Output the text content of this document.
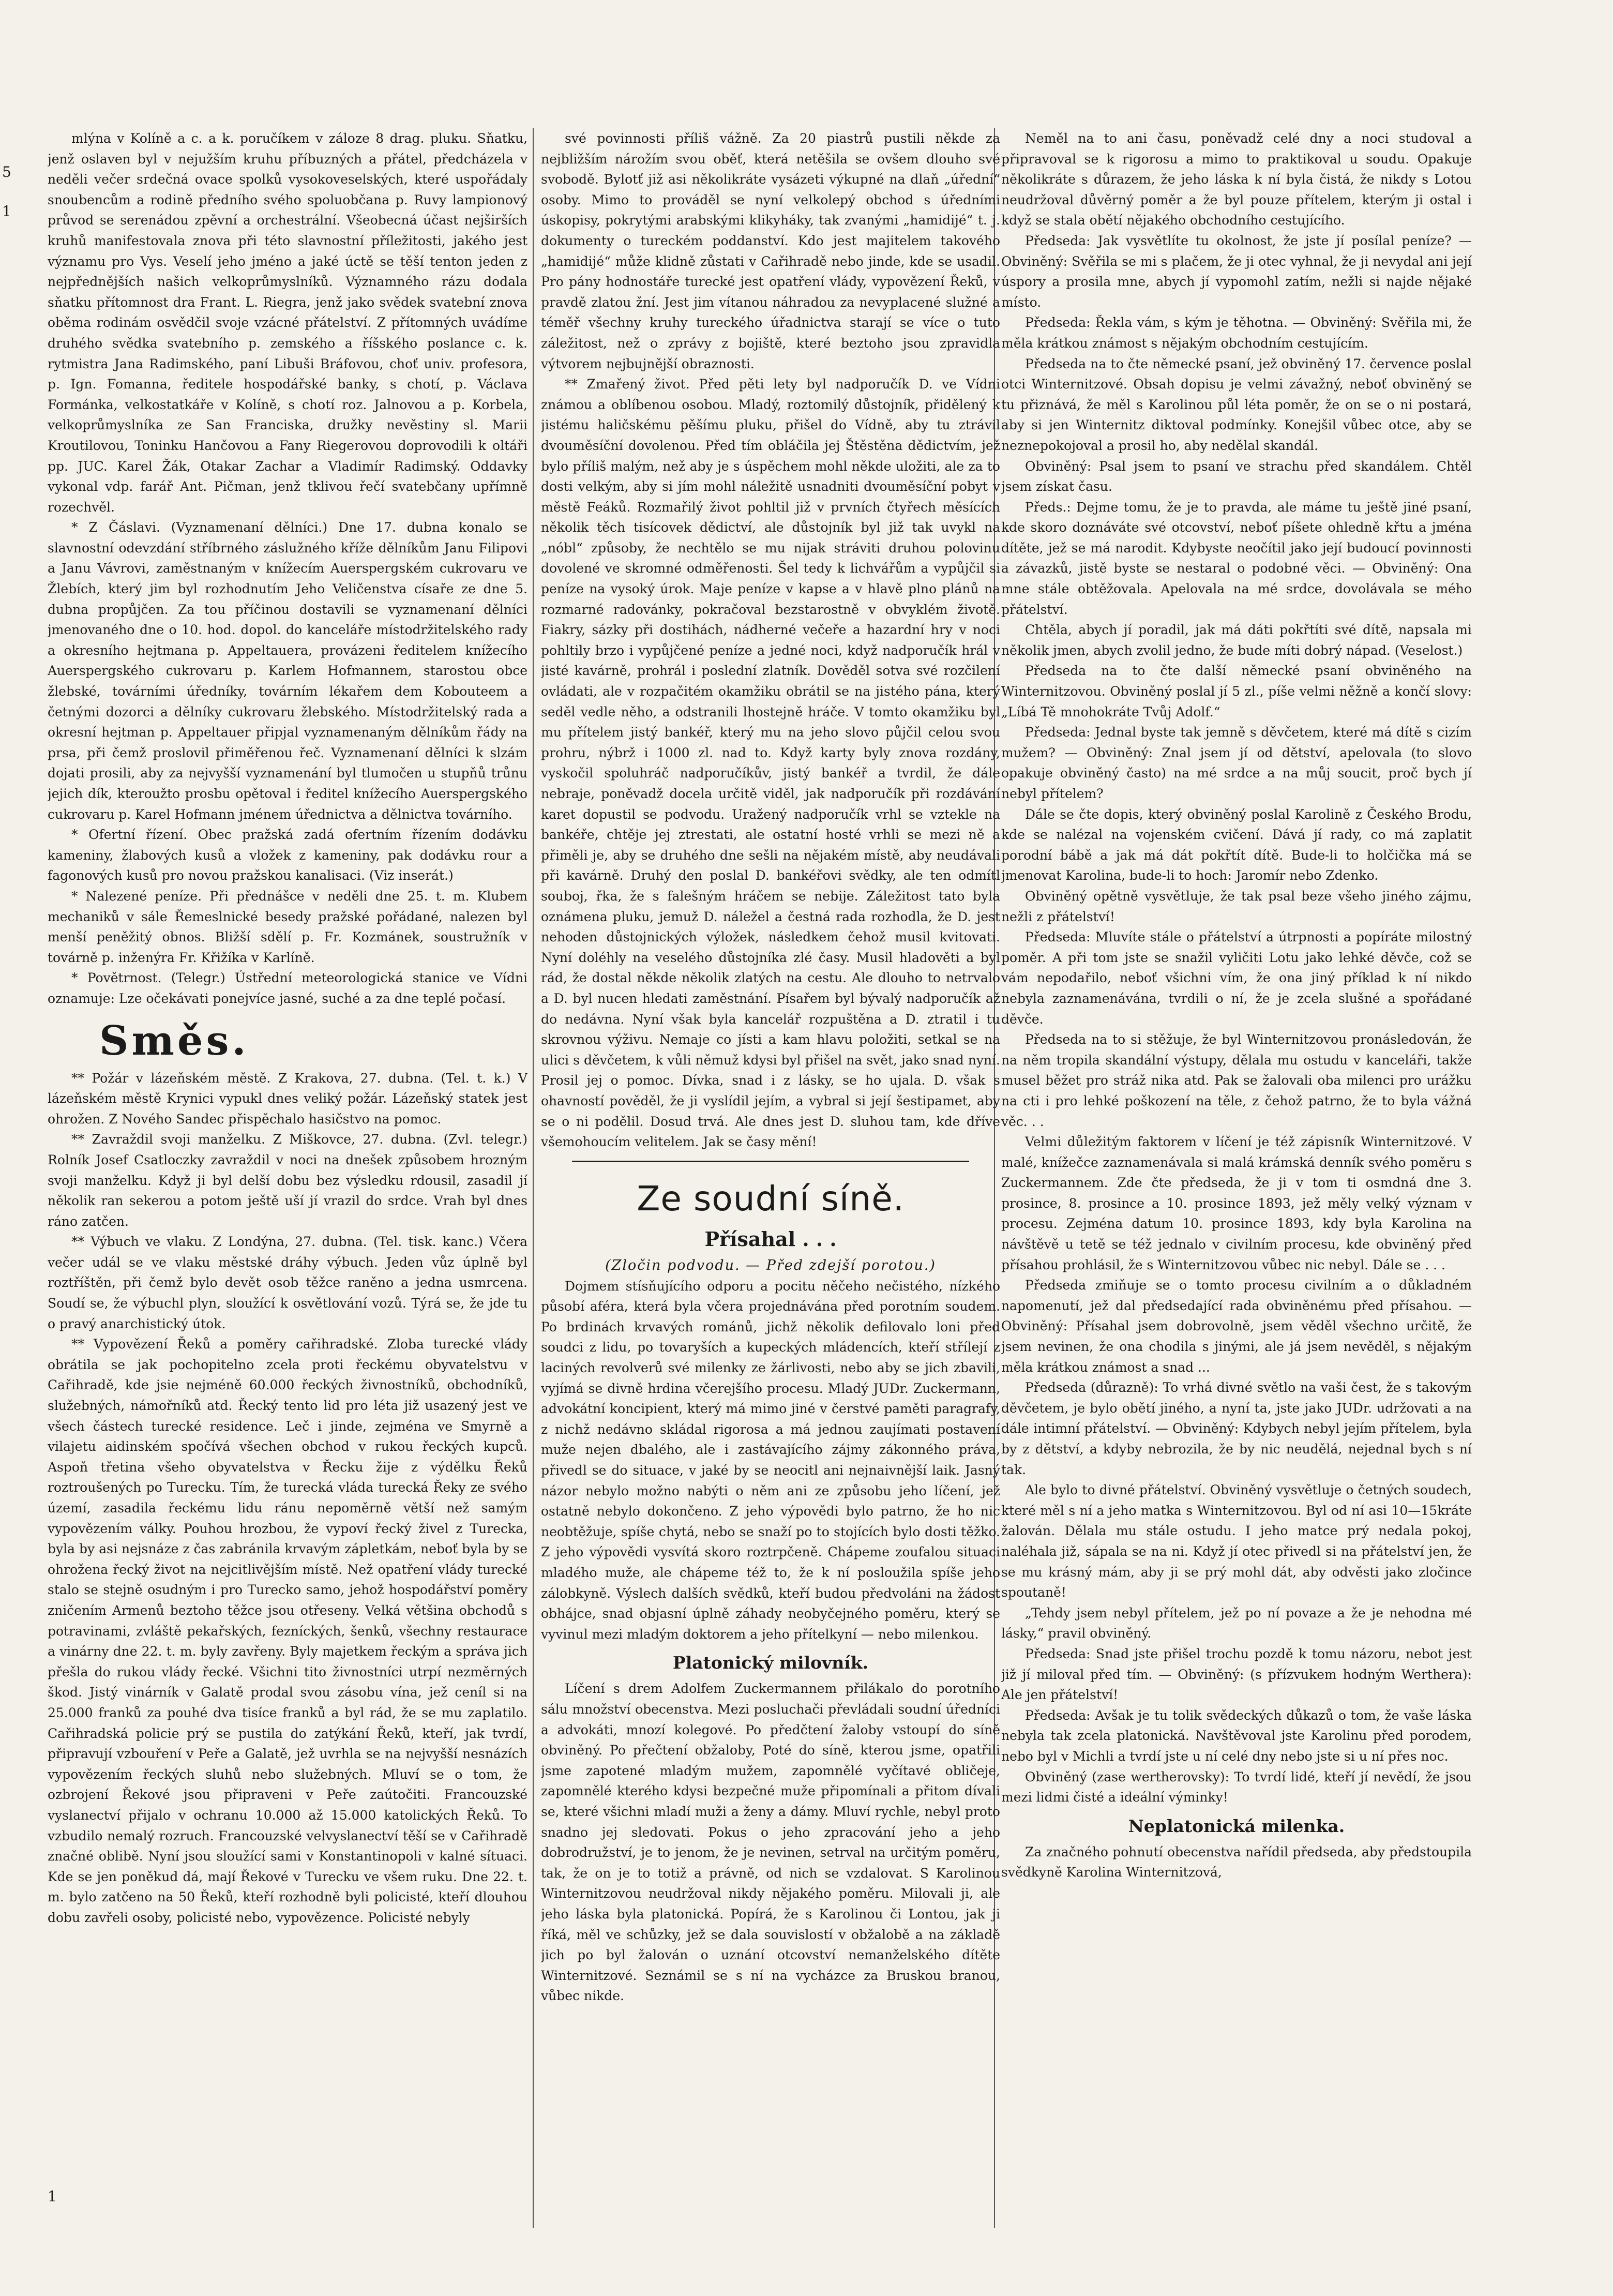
5
1
1

mlýna v Kolíně a c. a k. poručíkem v záloze 8 drag. pluku. Sňatku, jenž oslaven byl v nejužším kruhu příbuzných a přátel, předcházela v neděli večer srdečná ovace spolků vysokoveselských, které uspořádaly snoubencům a rodině předního svého spoluobčana p. Ruvy lampionový průvod se serenádou zpěvní a orchestrální. Všeobecná účast nejširších kruhů manifestovala znova při této slavnostní příležitosti, jakého jest významu pro Vys. Veselí jeho jméno a jaké úctě se těší tenton jeden z nejpřednějších našich velkoprůmyslníků. Významného rázu dodala sňatku přítomnost dra Frant. L. Riegra, jenž jako svědek svatební znova oběma rodinám osvědčil svoje vzácné přátelství. Z přítomných uvádíme druhého svědka svatebního p. zemského a říšského poslance c. k. rytmistra Jana Radimského, paní Libuši Bráfovou, choť univ. profesora, p. Ign. Fomanna, ředitele hospodářské banky, s chotí, p. Václava Formánka, velkostatkáře v Kolíně, s chotí roz. Jalnovou a p. Korbela, velkoprůmyslníka ze San Franciska, družky nevěstiny sl. Marii Kroutilovou, Toninku Hančovou a Fany Riegerovou doprovodili k oltáři pp. JUC. Karel Žák, Otakar Zachar a Vladimír Radimský. Oddavky vykonal vdp. farář Ant. Pičman, jenž tklivou řečí svatebčany upřímně rozechvěl.

* Z Čáslavi. (Vyznamenaní dělníci.) Dne 17. dubna konalo se slavnostní odevzdání stříbrného záslužného kříže dělníkům Janu Filipovi a Janu Vávrovi, zaměstnaným v knížecím Auerspergském cukrovaru ve Žlebích, který jim byl rozhodnutím Jeho Veličenstva císaře ze dne 5. dubna propůjčen. Za tou příčinou dostavili se vyznamenaní dělníci jmenovaného dne o 10. hod. dopol. do kanceláře místodržitelského rady a okresního hejtmana p. Appeltauera, provázeni ředitelem knížecího Auerspergského cukrovaru p. Karlem Hofmannem, starostou obce žlebské, továrními úředníky, továrním lékařem dem Kobouteem a četnými dozorci a dělníky cukrovaru žlebského. Místodržitelský rada a okresní hejtman p. Appeltauer připjal vyznamenaným dělníkům řády na prsa, při čemž proslovil přiměřenou řeč. Vyznamenaní dělníci k slzám dojati prosili, aby za nejvyšší vyznamenání byl tlumočen u stupňů trůnu jejich dík, kteroužto prosbu opětoval i ředitel knížecího Auerspergského cukrovaru p. Karel Hofmann jménem úřednictva a dělnictva továrního.

* Ofertní řízení. Obec pražská zadá ofertním řízením dodávku kameniny, žlabových kusů a vložek z kameniny, pak dodávku rour a fagonových kusů pro novou pražskou kanalisaci. (Viz inserát.)

* Nalezené peníze. Při přednášce v neděli dne 25. t. m. Klubem mechaniků v sále Řemeslnické besedy pražské pořádané, nalezen byl menší peněžitý obnos. Bližší sdělí p. Fr. Kozmánek, soustružník v továrně p. inženýra Fr. Křižíka v Karlíně.

* Povětrnost. (Telegr.) Ústřední meteorologická stanice ve Vídni oznamuje: Lze očekávati ponejvíce jasné, suché a za dne teplé počasí.

Směs.

** Požár v lázeňském městě. Z Krakova, 27. dubna. (Tel. t. k.) V lázeňském městě Krynici vypukl dnes veliký požár. Lázeňský statek jest ohrožen. Z Nového Sandec přispěchalo hasičstvo na pomoc.

** Zavraždil svoji manželku. Z Miškovce, 27. dubna. (Zvl. telegr.) Rolník Josef Csatloczky zavraždil v noci na dnešek způsobem hrozným svoji manželku. Když ji byl delší dobu bez výsledku rdousil, zasadil jí několik ran sekerou a potom ještě uší jí vrazil do srdce. Vrah byl dnes ráno zatčen.

** Výbuch ve vlaku. Z Londýna, 27. dubna. (Tel. tisk. kanc.) Včera večer udál se ve vlaku městské dráhy výbuch. Jeden vůz úplně byl roztříštěn, při čemž bylo devět osob těžce raněno a jedna usmrcena. Soudí se, že výbuchl plyn, sloužící k osvětlování vozů. Týrá se, že jde tu o pravý anarchistický útok.

** Vypovězení Řeků a poměry cařihradské. Zloba turecké vlády obrátila se jak pochopitelno zcela proti řeckému obyvatelstvu v Cařihradě, kde jsie nejméně 60.000 řeckých živnostníků, obchodníků, služebných, námořníků atd. Řecký tento lid pro léta již usazený jest ve všech částech turecké residence. Leč i jinde, zejména ve Smyrně a vilajetu aidinském spočívá všechen obchod v rukou řeckých kupců. Aspoň třetina všeho obyvatelstva v Řecku žije z výdělku Řeků roztroušených po Turecku. Tím, že turecká vláda turecká Řeky ze svého území, zasadila řeckému lidu ránu nepoměrně větší než samým vypovězením války. Pouhou hrozbou, že vypoví řecký živel z Turecka, byla by asi nejsnáze z čas zabránila krvavým zápletkám, neboť byla by se ohrožena řecký život na nejcitlivějším místě. Než opatření vlády turecké stalo se stejně osudným i pro Turecko samo, jehož hospodářství poměry zničením Armenů beztoho těžce jsou otřeseny. Velká většina obchodů s potravinami, zvláště pekařských, fezníckých, šenků, všechny restaurace a vinárny dne 22. t. m. byly zavřeny. Byly majetkem řeckým a správa jich přešla do rukou vlády řecké. Všichni tito živnostníci utrpí nezměrných škod. Jistý vinárník v Galatě prodal svou zásobu vína, jež ceníl si na 25.000 franků za pouhé dva tisíce franků a byl rád, že se mu zaplatilo. Cařihradská policie prý se pustila do zatýkání Řeků, kteří, jak tvrdí, připravují vzbouření v Peře a Galatě, jež uvrhla se na nejvyšší nesnázích vypovězením řeckých sluhů nebo služebných. Mluví se o tom, že ozbrojení Řekové jsou připraveni v Peře zaútočiti. Francouzské vyslanectví přijalo v ochranu 10.000 až 15.000 katolických Řeků. To vzbudilo nemalý rozruch. Francouzské velvyslanectví těší se v Cařihradě značné oblibě. Nyní jsou sloužící sami v Konstantinopoli v kalné sítuaci. Kde se jen poněkud dá, mají Řekové v Turecku ve všem ruku. Dne 22. t. m. bylo zatčeno na 50 Řeků, kteří rozhodně byli policisté, kteří dlouhou dobu zavřeli osoby, policisté nebo, vypovězence. Policisté nebyly

své povinnosti příliš vážně. Za 20 piastrů pustili někde za nejbližším nárožím svou oběť, která netěšila se ovšem dlouho své svobodě. Bylotť již asi několikráte vysázeti výkupné na dlaň „úřední“ osoby. Mimo to prováděl se nyní velkolepý obchod s úředními úskopisy, pokrytými arabskými klikyháky, tak zvanými „hamidijé“ t. j. dokumenty o tureckém poddanství. Kdo jest majitelem takového „hamidijé“ může klidně zůstati v Cařihradě nebo jinde, kde se usadil. Pro pány hodnostáře turecké jest opatření vlády, vypovězení Řeků, v pravdě zlatou žní. Jest jim vítanou náhradou za nevyplacené služné a téměř všechny kruhy tureckého úřadnictva starají se více o tuto záležitost, než o zprávy z bojiště, které beztoho jsou zpravidla výtvorem nejbujnější obraznosti.

** Zmařený život. Před pěti lety byl nadporučík D. ve Vídni známou a oblíbenou osobou. Mladý, roztomilý důstojník, přidělený k jistému haličskému pěšímu pluku, přišel do Vídně, aby tu ztrávil dvouměsíční dovolenou. Před tím obláčila jej Štěstěna dědictvím, jež bylo příliš malým, než aby je s úspěchem mohl někde uložiti, ale za to dosti velkým, aby si jím mohl náležitě usnadniti dvouměsíční pobyt v městě Feáků. Rozmařilý život pohltil již v prvních čtyřech měsících několik těch tisícovek dědictví, ale důstojník byl již tak uvykl na „nóbl“ způsoby, že nechtělo se mu nijak stráviti druhou polovinu dovolené ve skromné odměřenosti. Šel tedy k lichvářům a vypůjčil si peníze na vysoký úrok. Maje peníze v kapse a v hlavě plno plánů na rozmarné radovánky, pokračoval bezstarostně v obvyklém životě. Fiakry, sázky při dostihách, nádherné večeře a hazardní hry v noci pohltily brzo i vypůjčené peníze a jedné noci, když nadporučík hrál v jisté kavárně, prohrál i poslední zlatník. Dověděl sotva své rozčilení ovládati, ale v rozpačitém okamžiku obrátil se na jistého pána, který seděl vedle něho, a odstranili lhostejně hráče. V tomto okamžiku byl mu přítelem jistý bankéř, který mu na jeho slovo půjčil celou svou prohru, nýbrž i 1000 zl. nad to. Když karty byly znova rozdány, vyskočil spoluhráč nadporučíkův, jistý bankéř a tvrdil, že dále nebraje, poněvadž docela určitě viděl, jak nadporučík při rozdávání karet dopustil se podvodu. Uražený nadporučík vrhl se vztekle na bankéře, chtěje jej ztrestati, ale ostatní hosté vrhli se mezi ně a přiměli je, aby se druhého dne sešli na nějakém místě, aby neudávali při kavárně. Druhý den poslal D. bankéřovi svědky, ale ten odmítl souboj, řka, že s falešným hráčem se nebije. Záležitost tato byla oznámena pluku, jemuž D. náležel a čestná rada rozhodla, že D. jest nehoden důstojnických výložek, následkem čehož musil kvitovati. Nyní doléhly na veselého důstojníka zlé časy. Musil hladověti a byl rád, že dostal někde několik zlatých na cestu. Ale dlouho to netrvalo a D. byl nucen hledati zaměstnání. Písařem byl bývalý nadporučík až do nedávna. Nyní však byla kancelář rozpuštěna a D. ztratil i tu skrovnou výživu. Nemaje co jísti a kam hlavu položiti, setkal se na ulici s děvčetem, k vůli němuž kdysi byl přišel na svět, jako snad nyní. Prosil jej o pomoc. Dívka, snad i z lásky, se ho ujala. D. však s ohavností pověděl, že ji vyslídil jejím, a vybral si její šestipamet, aby se o ni podělil. Dosud trvá. Ale dnes jest D. sluhou tam, kde dříve všemohoucím velitelem. Jak se časy mění!

Ze soudní síně.
Přísahal . . .
(Zločin podvodu. — Před zdejší porotou.)

Dojmem stísňujícího odporu a pocitu něčeho nečistého, nízkého působí aféra, která byla včera projednávána před porotním soudem. Po brdinách krvavých románů, jichž několik defilovalo loni před soudci z lidu, po tovaryších a kupeckých mládencích, kteří střílejí z laciných revolverů své milenky ze žárlivosti, nebo aby se jich zbavili, vyjímá se divně hrdina včerejšího procesu. Mladý JUDr. Zuckermann, advokátní koncipient, který má mimo jiné v čerstvé paměti paragrafy, z nichž nedávno skládal rigorosa a má jednou zaujímati postavení muže nejen dbalého, ale i zastávajícího zájmy zákonného práva, přivedl se do situace, v jaké by se neocitl ani nejnaivnější laik. Jasný názor nebylo možno nabýti o něm ani ze způsobu jeho líčení, jež ostatně nebylo dokončeno. Z jeho výpovědi bylo patrno, že ho nic neobtěžuje, spíše chytá, nebo se snaží po to stojících bylo dosti těžko. Z jeho výpovědi vysvítá skoro roztrpčeně. Chápeme zoufalou situaci mladého muže, ale chápeme též to, že k ní posloužila spíše jeho zálobkyně. Výslech dalších svědků, kteří budou předvoláni na žádost obhájce, snad objasní úplně záhady neobyčejného poměru, který se vyvinul mezi mladým doktorem a jeho přítelkyní — nebo milenkou.

Platonický milovník.

Líčení s drem Adolfem Zuckermannem přilákalo do porotního sálu množství obecenstva. Mezi posluchači převládali soudní úředníci a advokáti, mnozí kolegové. Po předčtení žaloby vstoupí do síně obviněný. Po přečtení obžaloby, Poté do síně, kterou jsme, opatřili jsme zapotené mladým mužem, zapomnělé vyčítavé obličeje, zapomnělé kterého kdysi bezpečné muže připomínali a přitom dívali se, které všichni mladí muži a ženy a dámy. Mluví rychle, nebyl proto snadno jej sledovati. Pokus o jeho zpracování jeho a jeho dobrodružství, je to jenom, že je nevinen, setrval na určitým poměru, tak, že on je to totiž a právně, od nich se vzdalovat. S Karolinou Winternitzovou neudržoval nikdy nějakého poměru. Milovali ji, ale jeho láska byla platonická. Popírá, že s Karolinou či Lontou, jak ji říká, měl ve schůzky, jež se dala souvislostí v obžalobě a na základě jich po byl žalován o uznání otcovství nemanželského dítěte Winternitzové. Seznámil se s ní na vycházce za Bruskou branou, vůbec nikde.

Neměl na to ani času, poněvadž celé dny a noci studoval a připravoval se k rigorosu a mimo to praktikoval u soudu. Opakuje několikráte s důrazem, že jeho láska k ní byla čistá, že nikdy s Lotou neudržoval důvěrný poměr a že byl pouze přítelem, kterým ji ostal i když se stala obětí nějakého obchodního cestujícího.

Předseda: Jak vysvětlíte tu okolnost, že jste jí posílal peníze? — Obviněný: Svěřila se mi s plačem, že ji otec vyhnal, že ji nevydal ani její úspory a prosila mne, abych jí vypomohl zatím, nežli si najde nějaké místo.

Předseda: Řekla vám, s kým je těhotna. — Obviněný: Svěřila mi, že měla krátkou známost s nějakým obchodním cestujícím.

Předseda na to čte německé psaní, jež obviněný 17. července poslal otci Winternitzové. Obsah dopisu je velmi závažný, neboť obviněný se tu přiznává, že měl s Karolinou půl léta poměr, že on se o ni postará, aby si jen Winternitz diktoval podmínky. Konejšil vůbec otce, aby se neznepokojoval a prosil ho, aby nedělal skandál.

Obviněný: Psal jsem to psaní ve strachu před skandálem. Chtěl jsem získat času.

Předs.: Dejme tomu, že je to pravda, ale máme tu ještě jiné psaní, kde skoro doznáváte své otcovství, neboť píšete ohledně křtu a jména dítěte, jež se má narodit. Kdybyste neočítil jako její budoucí povinnosti a závazků, jistě byste se nestaral o podobné věci. — Obviněný: Ona mne stále obtěžovala. Apelovala na mé srdce, dovolávala se mého přátelství.

Chtěla, abych jí poradil, jak má dáti pokřtíti své dítě, napsala mi několik jmen, abych zvolil jedno, že bude míti dobrý nápad. (Veselost.)

Předseda na to čte další německé psaní obviněného na Winternitzovou. Obviněný poslal jí 5 zl., píše velmi něžně a končí slovy: „Líbá Tě mnohokráte Tvůj Adolf.“

Předseda: Jednal byste tak jemně s děvčetem, které má dítě s cizím mužem? — Obviněný: Znal jsem jí od dětství, apelovala (to slovo opakuje obviněný často) na mé srdce a na můj soucit, proč bych jí nebyl přítelem?

Dále se čte dopis, který obviněný poslal Karolině z Českého Brodu, kde se nalézal na vojenském cvičení. Dává jí rady, co má zaplatit porodní bábě a jak má dát pokřtít dítě. Bude-li to holčička má se jmenovat Karolina, bude-li to hoch: Jaromír nebo Zdenko.

Obviněný opětně vysvětluje, že tak psal beze všeho jiného zájmu, nežli z přátelství!

Předseda: Mluvíte stále o přátelství a útrpnosti a popíráte milostný poměr. A při tom jste se snažil vyličiti Lotu jako lehké děvče, což se vám nepodařilo, neboť všichni vím, že ona jiný příklad k ní nikdo nebyla zaznamenávána, tvrdili o ní, že je zcela slušné a spořádané děvče.

Předseda na to si stěžuje, že byl Winternitzovou pronásledován, že na něm tropila skandální výstupy, dělala mu ostudu v kanceláři, takže musel běžet pro stráž nika atd. Pak se žalovali oba milenci pro urážku na cti i pro lehké poškození na těle, z čehož patrno, že to byla vážná věc. . .

Velmi důležitým faktorem v líčení je též zápisník Winternitzové. V malé, knížečce zaznamenávala si malá krámská denník svého poměru s Zuckermannem. Zde čte předseda, že ji v tom ti osmdná dne 3. prosince, 8. prosince a 10. prosince 1893, jež měly velký význam v procesu. Zejména datum 10. prosince 1893, kdy byla Karolina na návštěvě u tetě se též jednalo v civilním procesu, kde obviněný před přísahou prohlásil, že s Winternitzovou vůbec nic nebyl. Dále se . . .

Předseda zmiňuje se o tomto procesu civilním a o důkladném napomenutí, jež dal předsedající rada obviněnému před přísahou. — Obviněný: Přísahal jsem dobrovolně, jsem věděl všechno určitě, že jsem nevinen, že ona chodila s jinými, ale já jsem nevěděl, s nějakým měla krátkou známost a snad ...

Předseda (důrazně): To vrhá divné světlo na vaši čest, že s takovým děvčetem, je bylo obětí jiného, a nyní ta, jste jako JUDr. udržovati a na dále intimní přátelství. — Obviněný: Kdybych nebyl jejím přítelem, byla by z dětství, a kdyby nebrozila, že by nic neudělá, nejednal bych s ní tak.

Ale bylo to divné přátelství. Obviněný vysvětluje o četných soudech, které měl s ní a jeho matka s Winternitzovou. Byl od ní asi 10—15kráte žalován. Dělala mu stále ostudu. I jeho matce prý nedala pokoj, naléhala již, sápala se na ni. Když jí otec přivedl si na přátelství jen, že se mu krásný mám, aby ji se prý mohl dát, aby odvěsti jako zločince spoutaně!

„Tehdy jsem nebyl přítelem, jež po ní povaze a že je nehodna mé lásky,“ pravil obviněný.

Předseda: Snad jste přišel trochu pozdě k tomu názoru, nebot jest již jí miloval před tím. — Obviněný: (s přízvukem hodným Werthera): Ale jen přátelství!

Předseda: Avšak je tu tolik svědeckých důkazů o tom, že vaše láska nebyla tak zcela platonická. Navštěvoval jste Karolinu před porodem, nebo byl v Michli a tvrdí jste u ní celé dny nebo jste si u ní přes noc.

Obviněný (zase wertherovsky): To tvrdí lidé, kteří jí nevědí, že jsou mezi lidmi čisté a ideální výminky!

Neplatonická milenka.

Za značného pohnutí obecenstva nařídil předseda, aby předstoupila svědkyně Karolina Winternitzová,
